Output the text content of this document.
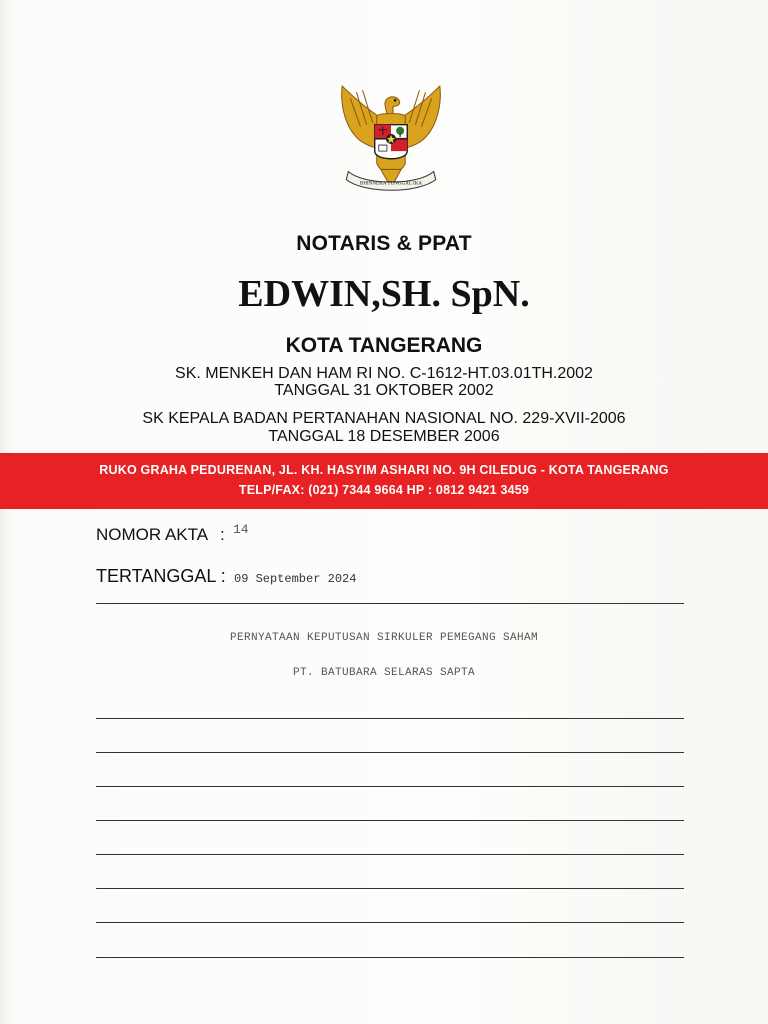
BHINNEKA TUNGGAL IKA
NOTARIS & PPAT
EDWIN,SH. SpN.
KOTA TANGERANG
SK. MENKEH DAN HAM RI NO. C-1612-HT.03.01TH.2002
TANGGAL 31 OKTOBER 2002
SK KEPALA BADAN PERTANAHAN NASIONAL NO. 229-XVII-2006
TANGGAL 18 DESEMBER 2006
RUKO GRAHA PEDURENAN, JL. KH. HASYIM ASHARI NO. 9H CILEDUG - KOTA TANGERANG
TELP/FAX: (021) 7344 9664 HP : 0812 9421 3459
NOMOR AKTA : 14
TERTANGGAL : 09 September 2024
PERNYATAAN KEPUTUSAN SIRKULER PEMEGANG SAHAM
PT. BATUBARA SELARAS SAPTA
